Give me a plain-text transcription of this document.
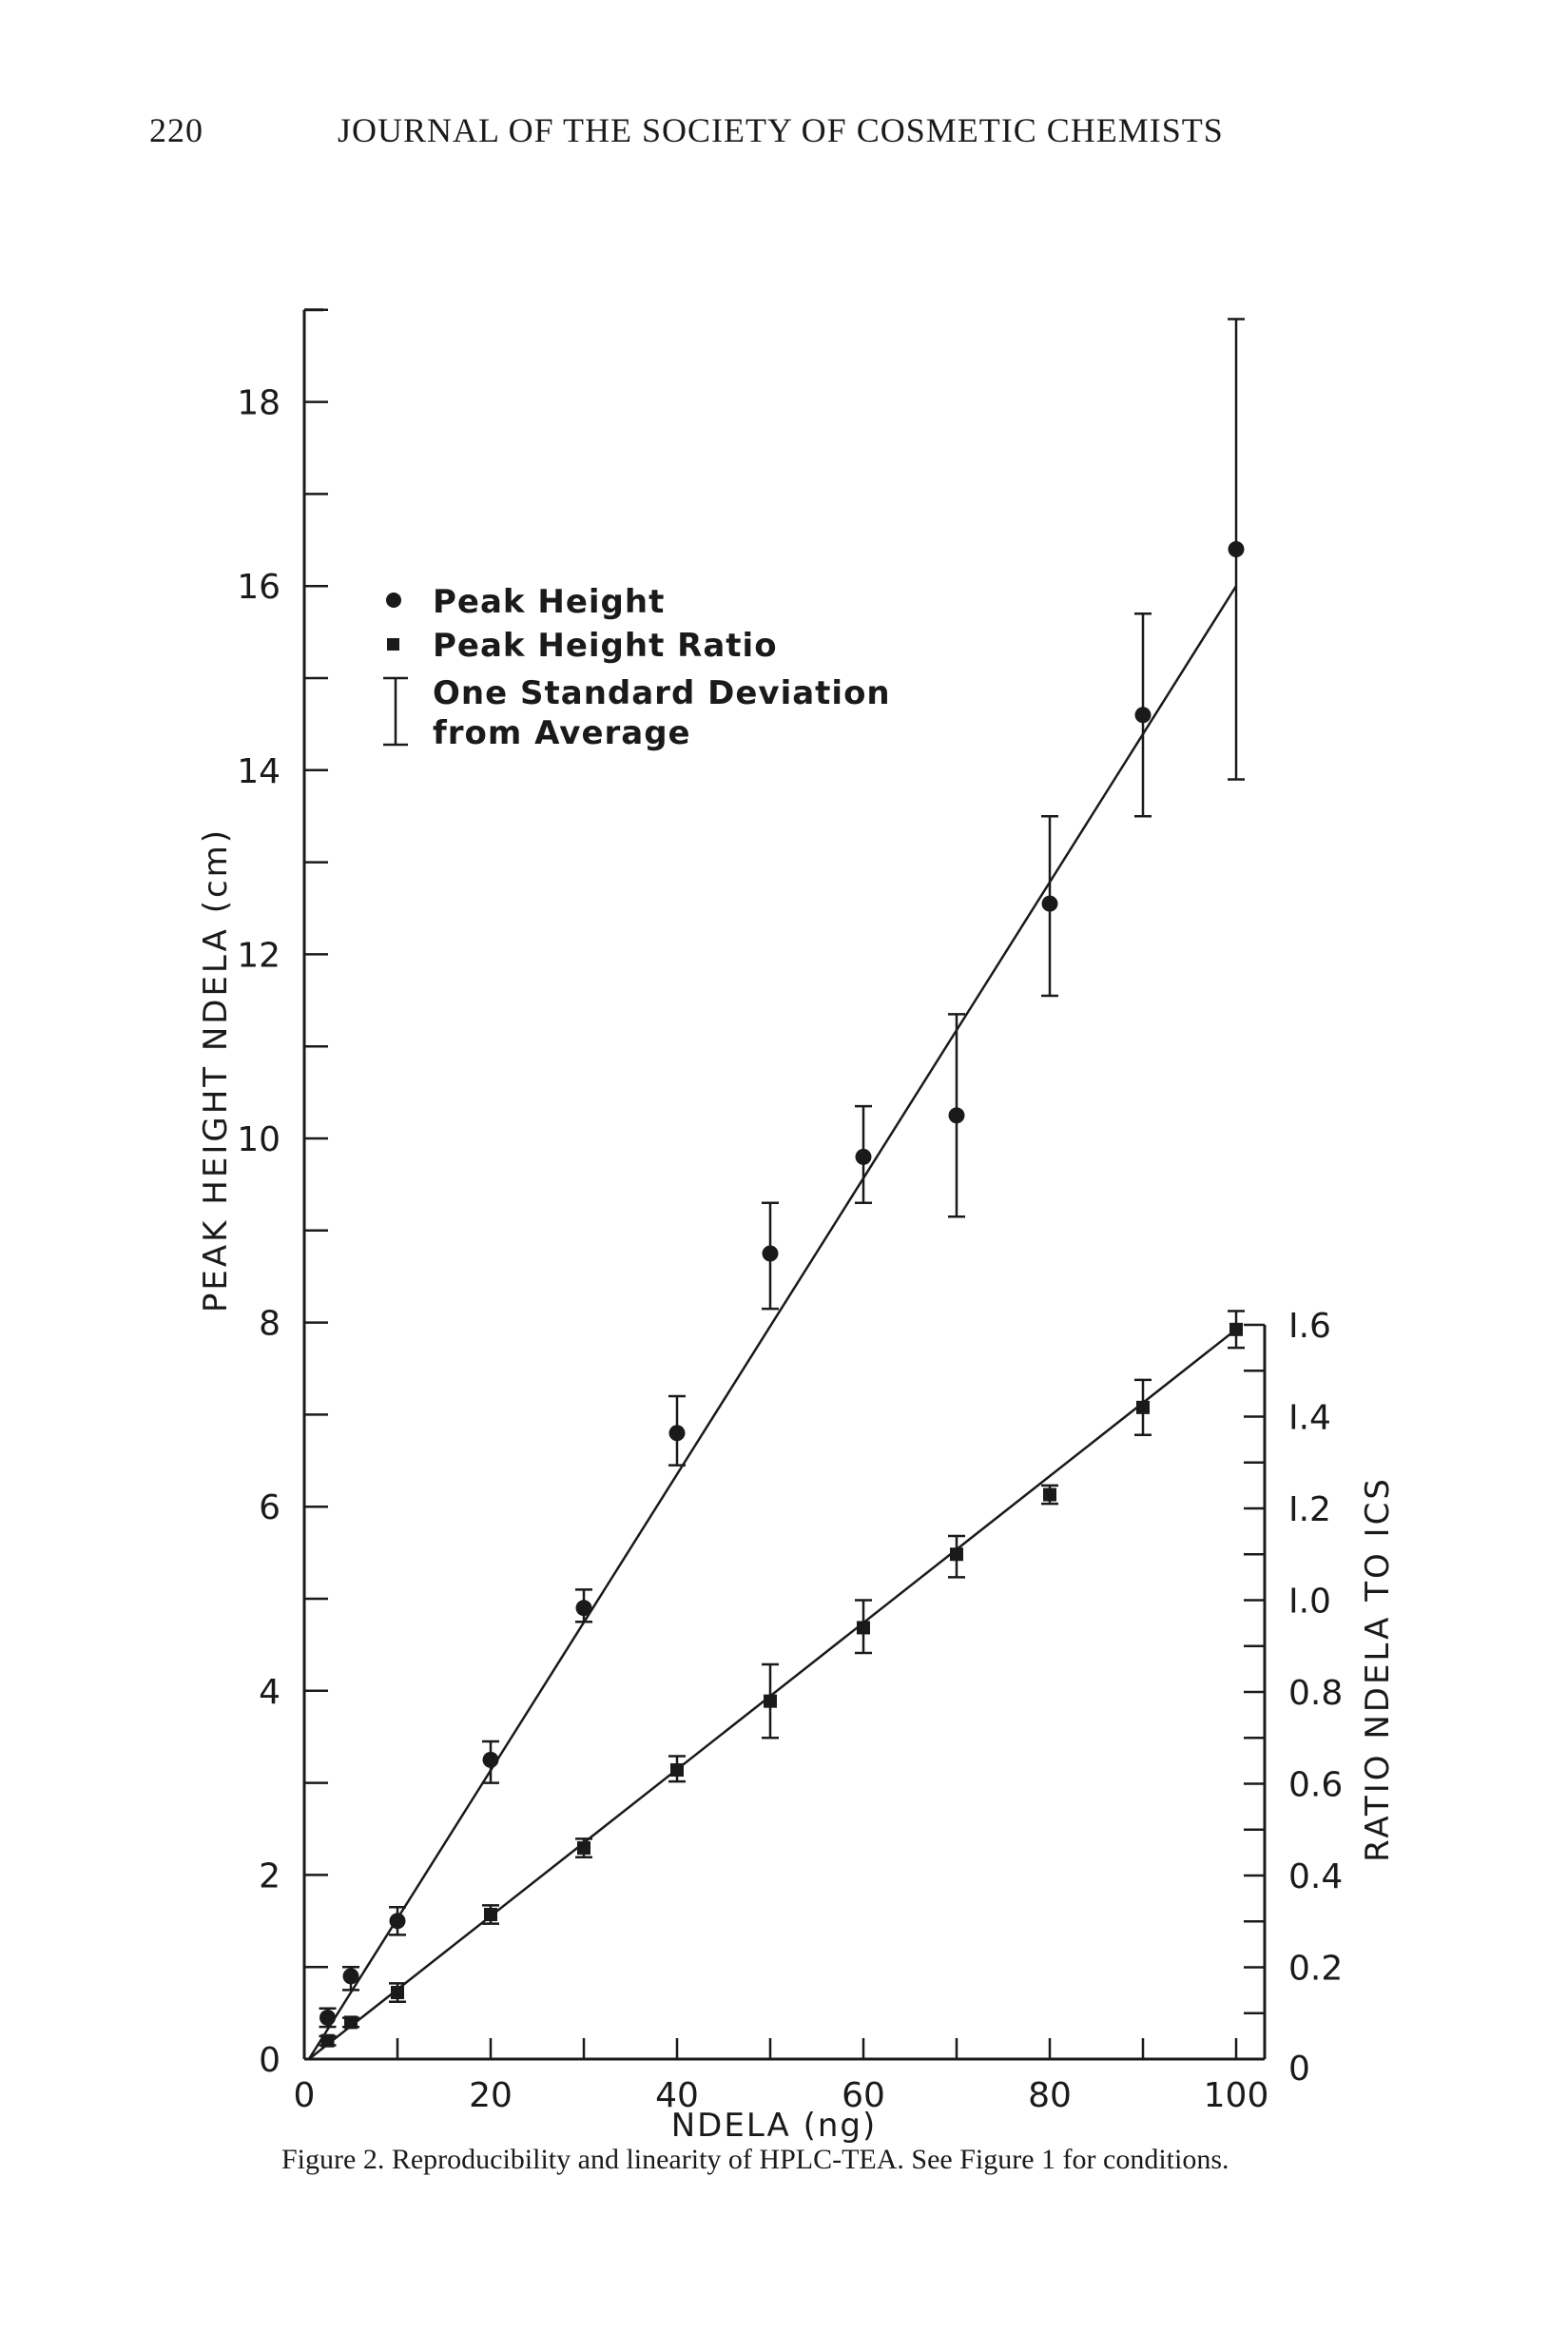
220	JOURNAL OF THE SOCIETY OF COSMETIC CHEMISTS
0
2
4
6
8
10
12
14
16
18
0	20	40	60	80	100
0
0.2
0.4
0.6
0.8
I.0
I.2
I.4
I.6
NDELA (ng)
PEAK HEIGHT NDELA (cm)
RATIO NDELA TO ICS
Peak Height
Peak Height Ratio
One Standard Deviation
from Average
Figure 2. Reproducibility and linearity of HPLC-TEA. See Figure 1 for conditions.
